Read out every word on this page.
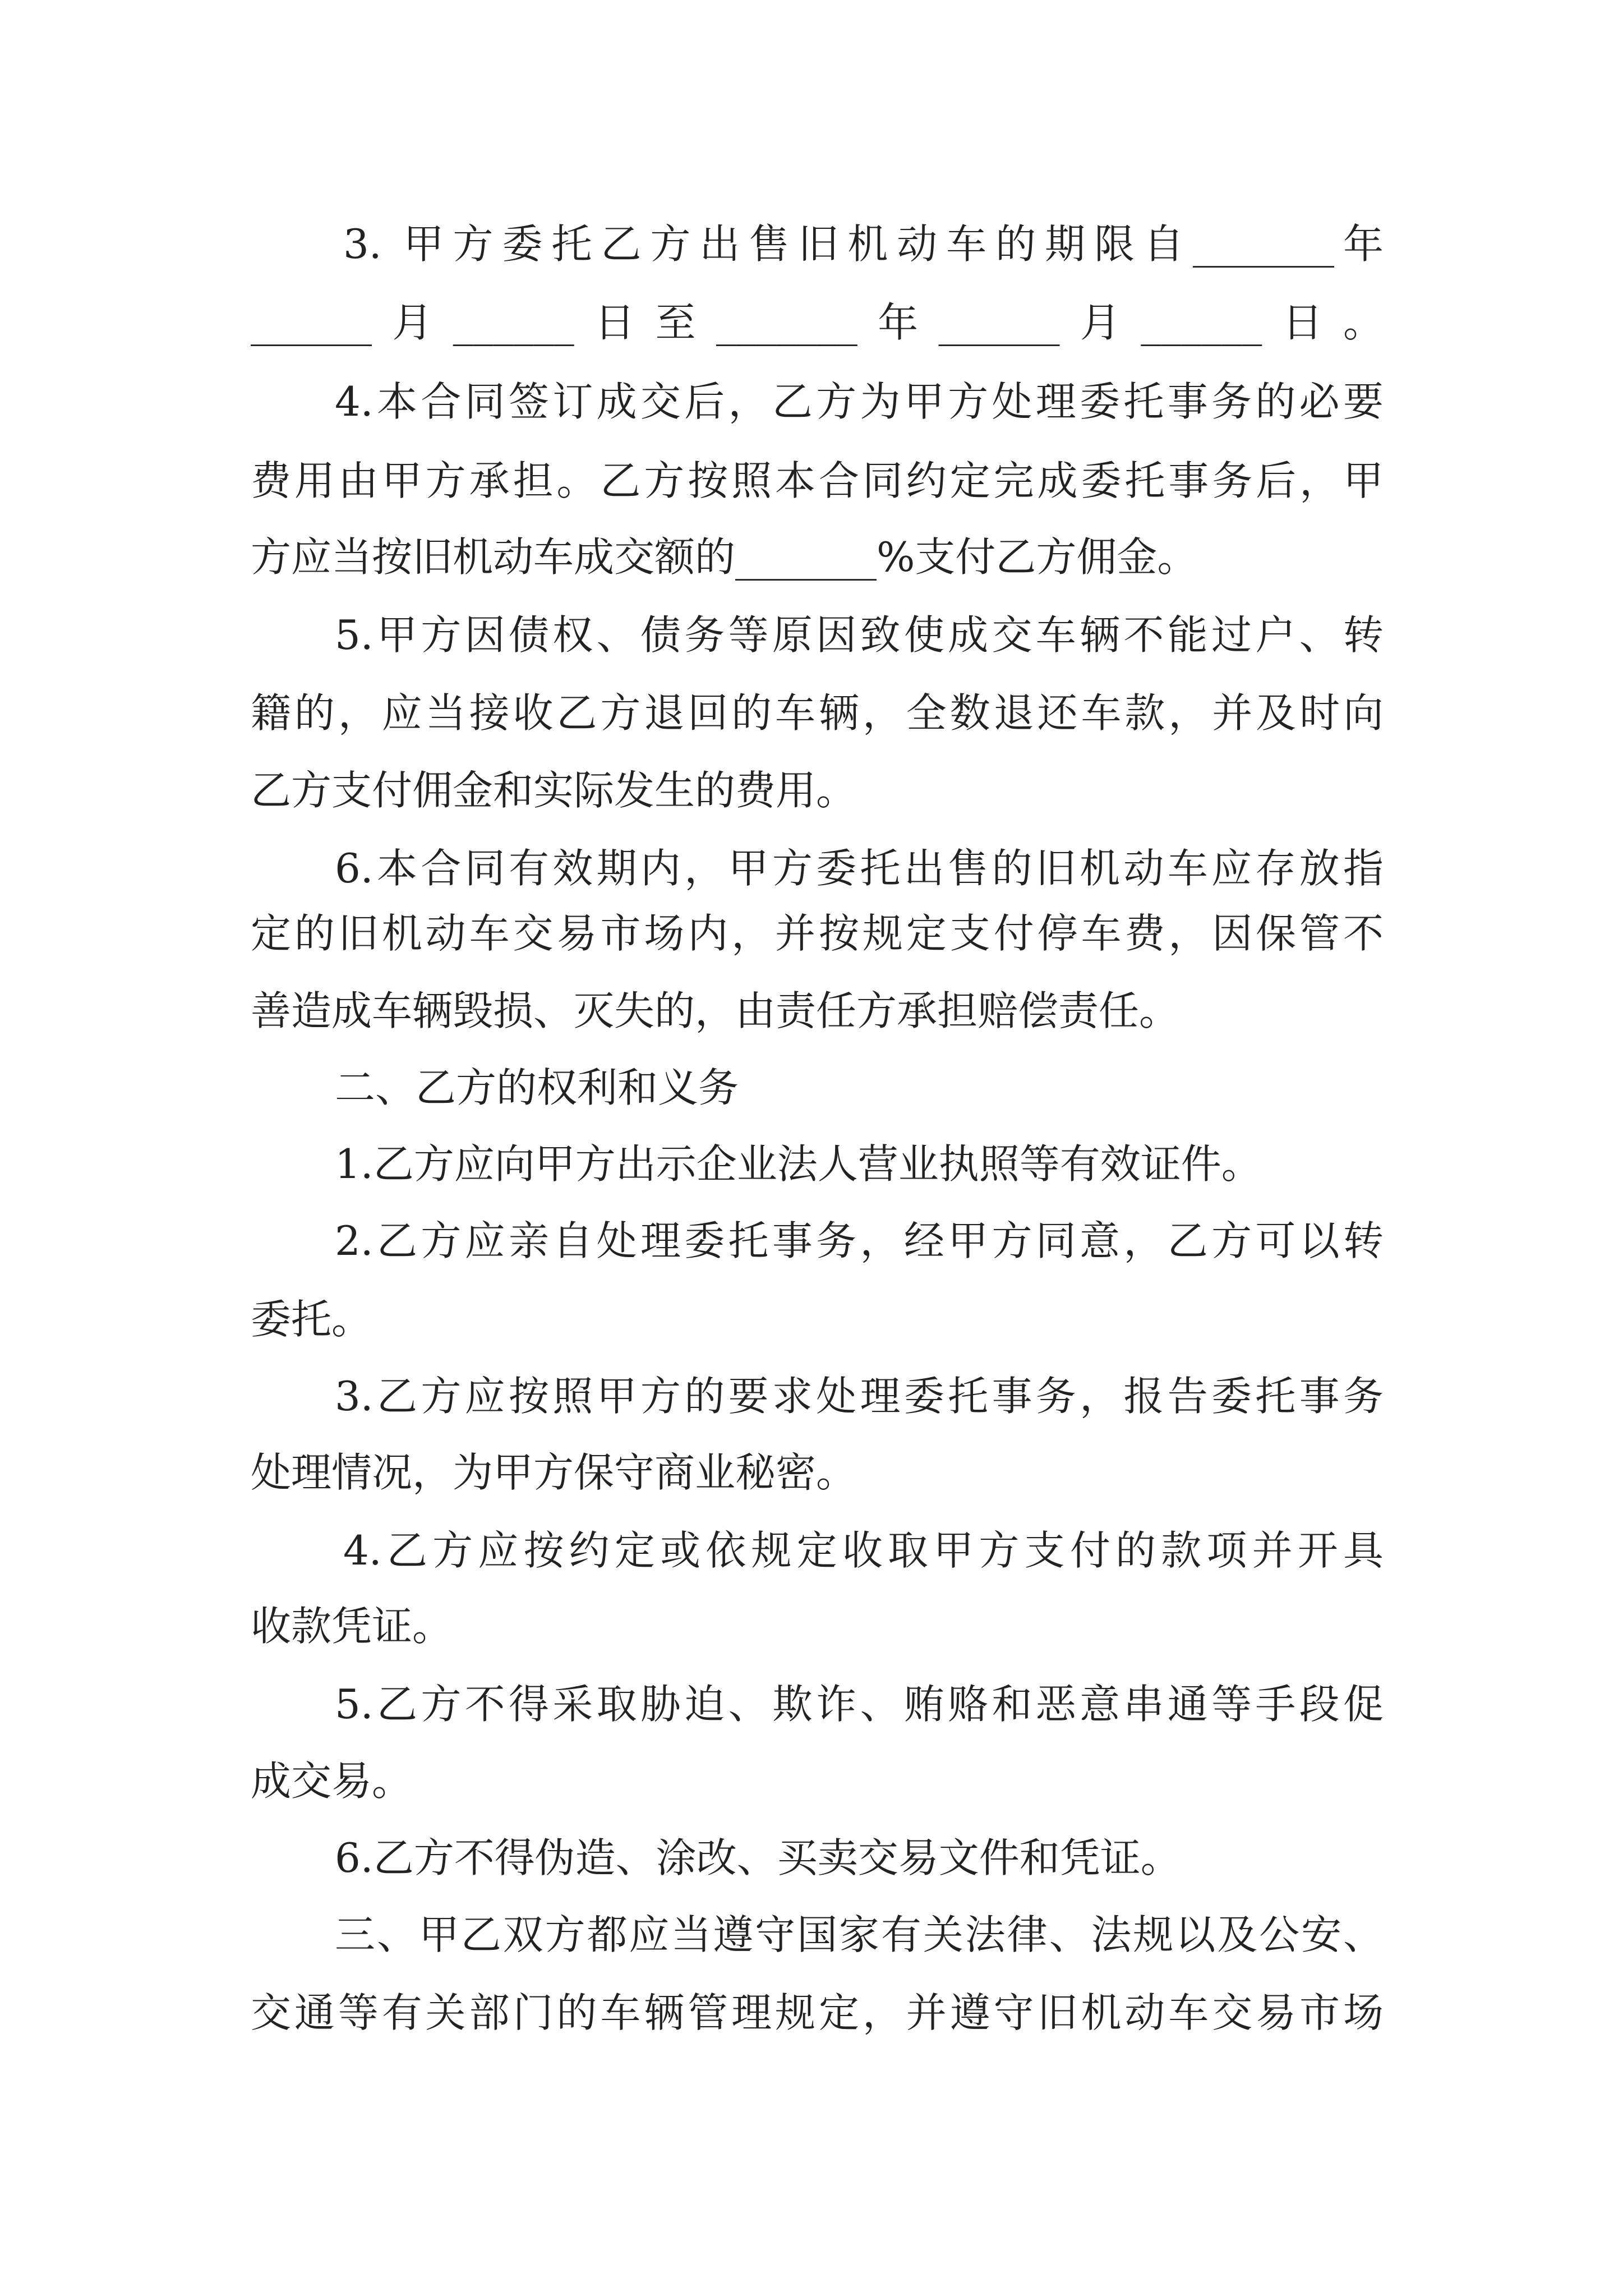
3. 甲方委托乙方出售旧机动车的期限自_______年
______月______日至_______年______月______日。
4.本合同签订成交后，乙方为甲方处理委托事务的必要
费用由甲方承担。乙方按照本合同约定完成委托事务后，甲
方应当按旧机动车成交额的_______%支付乙方佣金。
5.甲方因债权、债务等原因致使成交车辆不能过户、转
籍的，应当接收乙方退回的车辆，全数退还车款，并及时向
乙方支付佣金和实际发生的费用。
6.本合同有效期内，甲方委托出售的旧机动车应存放指
定的旧机动车交易市场内，并按规定支付停车费，因保管不
善造成车辆毁损、灭失的，由责任方承担赔偿责任。
二、乙方的权利和义务
1.乙方应向甲方出示企业法人营业执照等有效证件。
2.乙方应亲自处理委托事务，经甲方同意，乙方可以转
委托。
3.乙方应按照甲方的要求处理委托事务，报告委托事务
处理情况，为甲方保守商业秘密。
4.乙方应按约定或依规定收取甲方支付的款项并开具
收款凭证。
5.乙方不得采取胁迫、欺诈、贿赂和恶意串通等手段促
成交易。
6.乙方不得伪造、涂改、买卖交易文件和凭证。
三、甲乙双方都应当遵守国家有关法律、法规以及公安、
交通等有关部门的车辆管理规定，并遵守旧机动车交易市场
